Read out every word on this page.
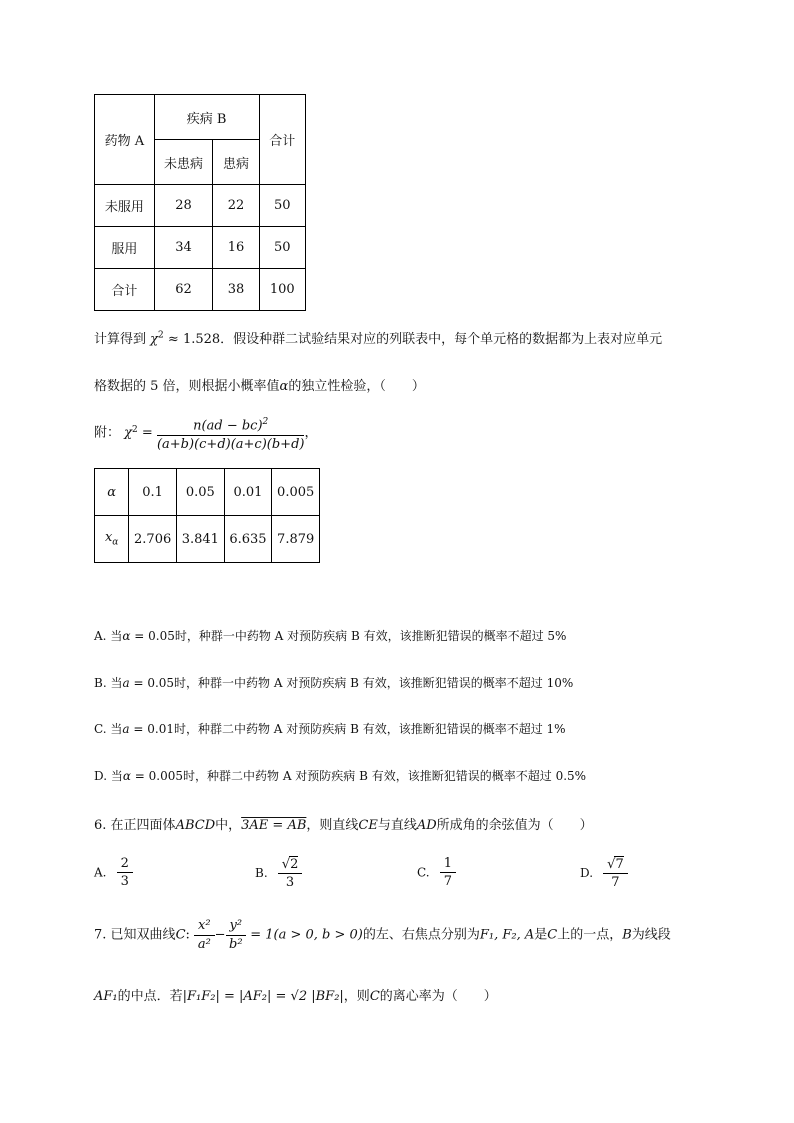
药物 A	疾病 B		合计
	未患病	患病	
未服用	28	22	50
服用	34	16	50
合计	62	38	100
计算得到 $\chi^2 \approx 1.528$．假设种群二试验结果对应的列联表中，每个单元格的数据都为上表对应单元
格数据的 5 倍，则根据小概率值α的独立性检验，（　　）
附： $\chi^2 = \frac{n(ad - bc)^2}{(a+b)(c+d)(a+c)(b+d)}$ ，
α	0.1	0.05	0.01	0.005
$x_\alpha$	2.706	3.841	6.635	7.879
A. 当α = 0.05时，种群一中药物 A 对预防疾病 B 有效，该推断犯错误的概率不超过 5%
B. 当a = 0.05时，种群一中药物 A 对预防疾病 B 有效，该推断犯错误的概率不超过 10%
C. 当a = 0.01时，种群二中药物 A 对预防疾病 B 有效，该推断犯错误的概率不超过 1%
D. 当α = 0.005时，种群二中药物 A 对预防疾病 B 有效，该推断犯错误的概率不超过 0.5%
6. 在正四面体ABCD中，3AE = AB，则直线CE与直线AD所成角的余弦值为（　　）
A. $\frac{2}{3}$	B. $\frac{√2}{3}$	C. $\frac{1}{7}$	D. $\frac{√7}{7}$
7. 已知双曲线C: $\frac{\text{x²}}{\text{a²}} - \frac{\text{y²}}{\text{b²}} = 1(a > 0$, b > 0)的左、右焦点分别为F₁, F₂, A是C上的一点，B为线段
AF₁的中点．若|F₁F₂| = |AF₂| = √2 |BF₂|，则C的离心率为（　　）
